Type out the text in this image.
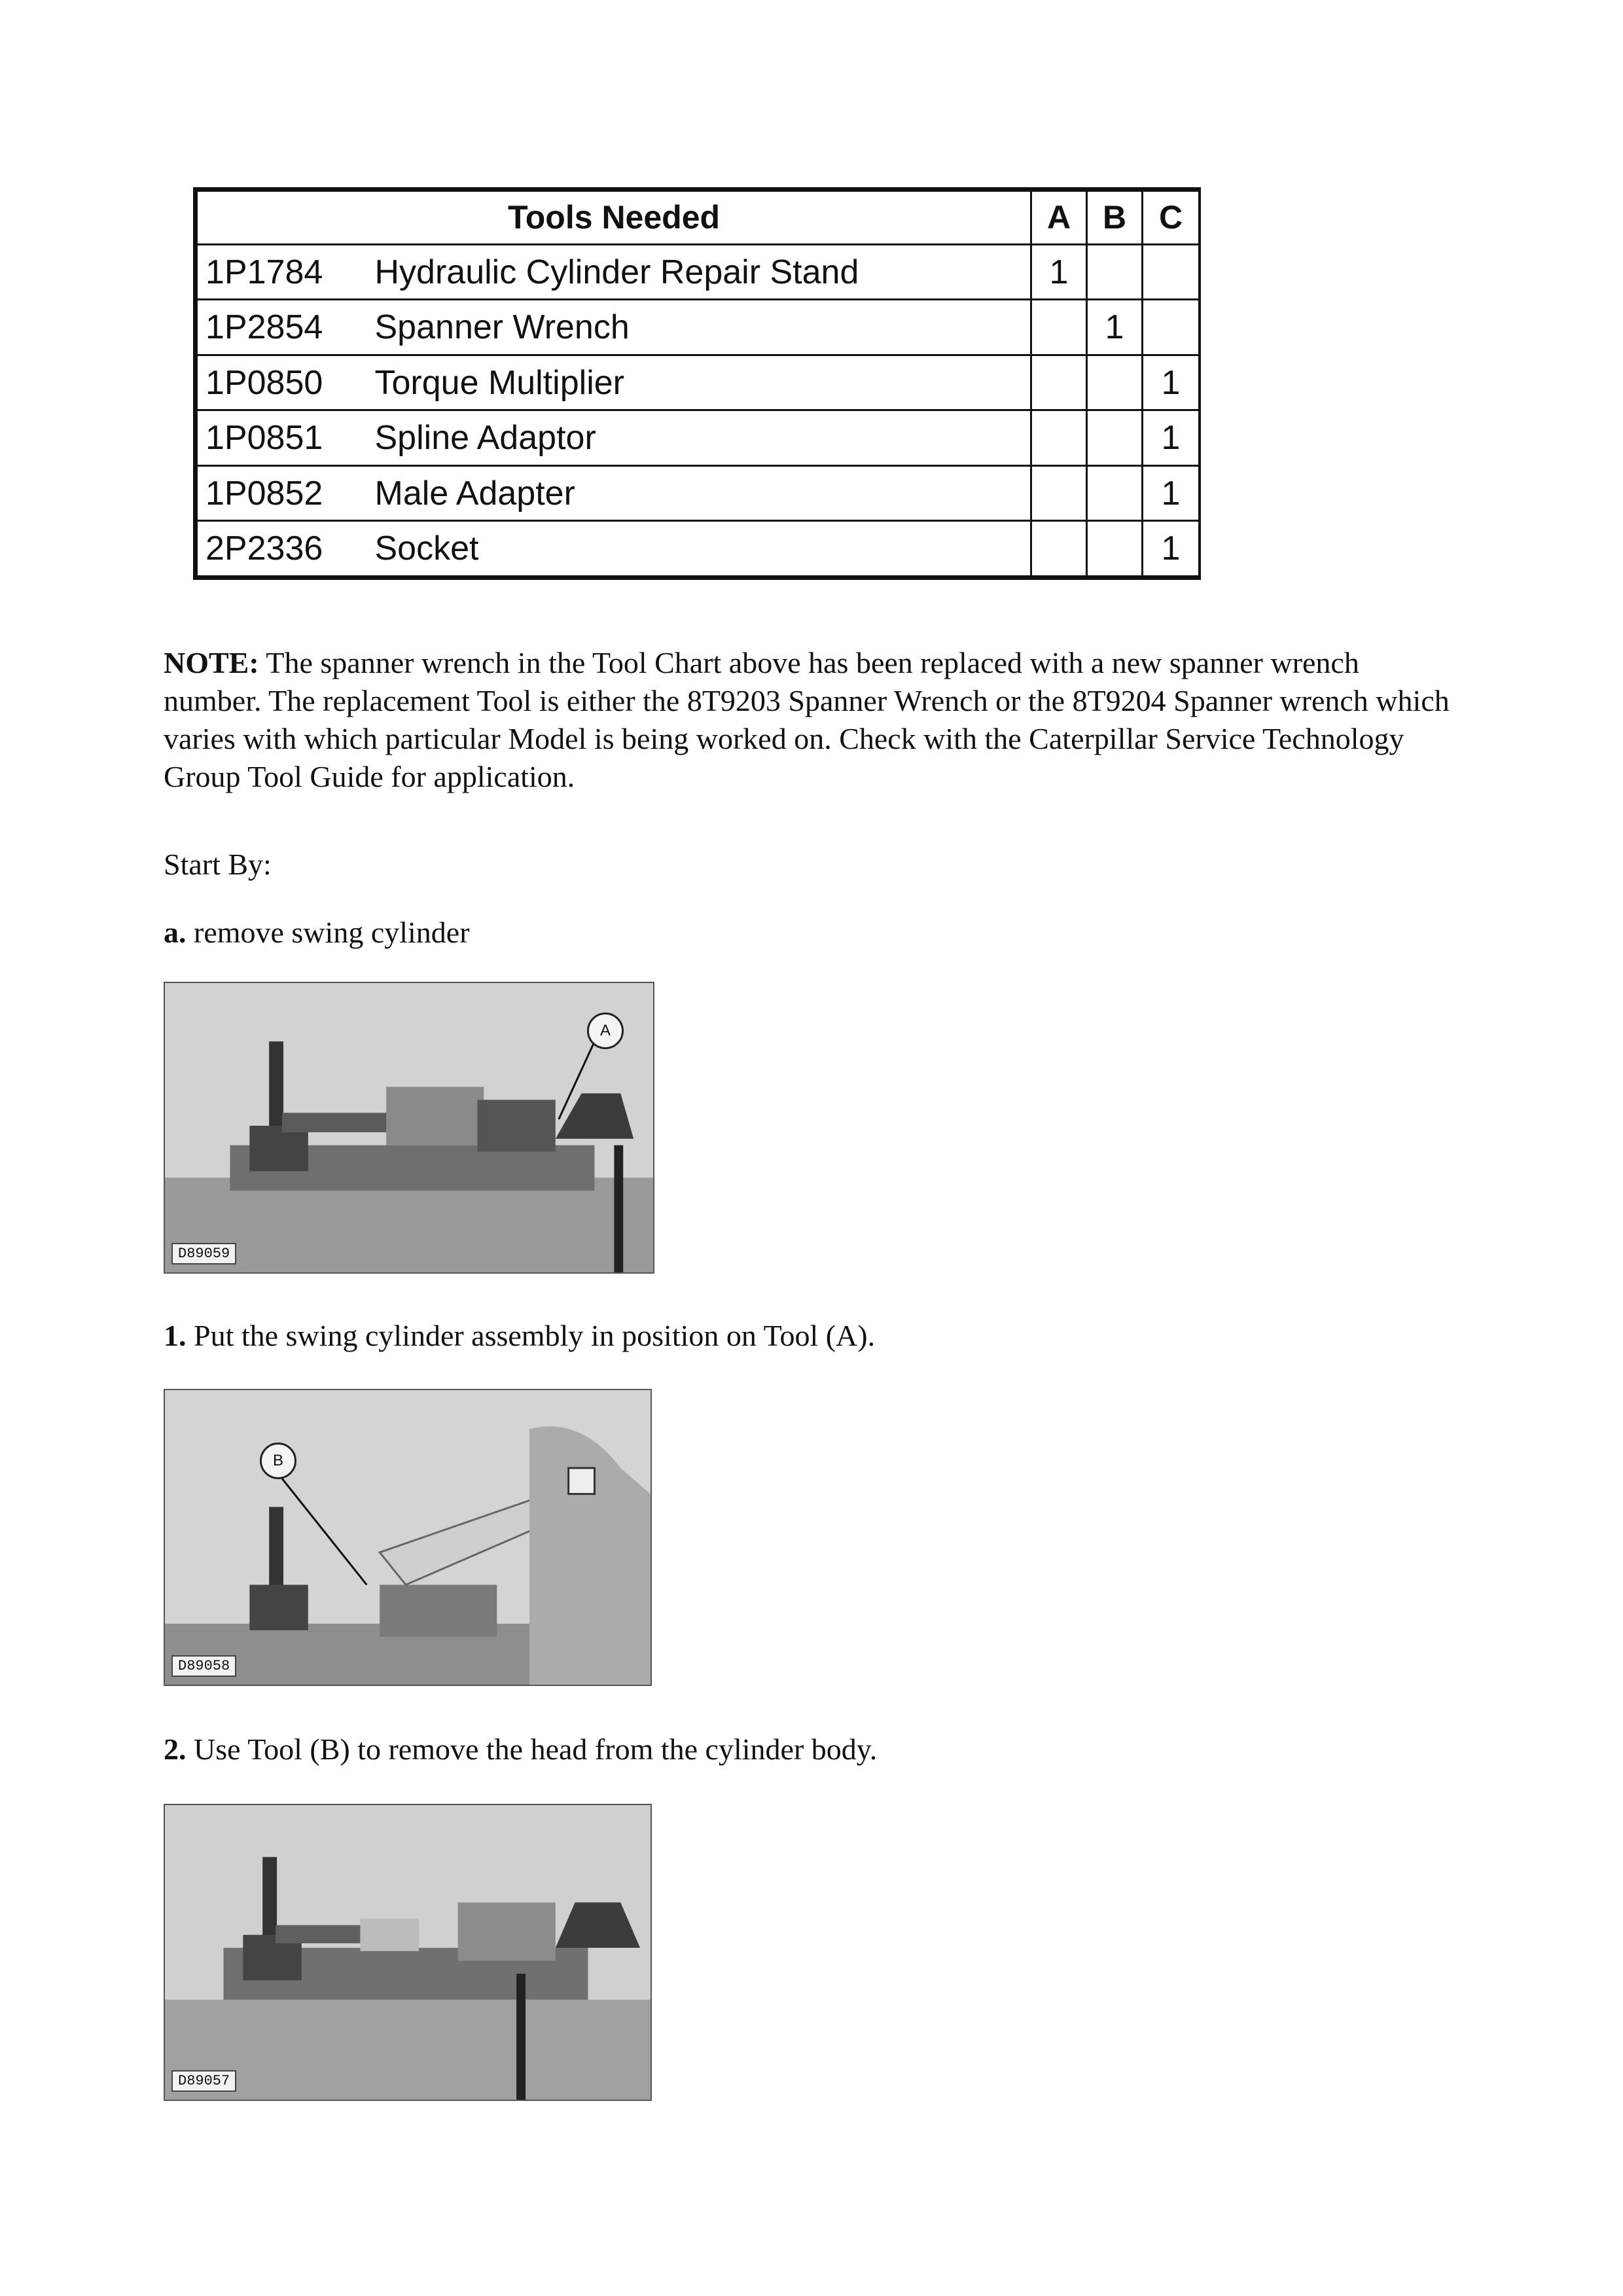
Tools Needed		A	B	C
1P1784	Hydraulic Cylinder Repair Stand	1		
1P2854	Spanner Wrench		1	
1P0850	Torque Multiplier			1
1P0851	Spline Adaptor			1
1P0852	Male Adapter			1
2P2336	Socket			1

NOTE: The spanner wrench in the Tool Chart above has been replaced with a new spanner wrench number. The replacement Tool is either the 8T9203 Spanner Wrench or the 8T9204 Spanner wrench which varies with which particular Model is being worked on. Check with the Caterpillar Service Technology Group Tool Guide for application.

Start By:

a. remove swing cylinder

A
D89059

1. Put the swing cylinder assembly in position on Tool (A).

B
D89058

2. Use Tool (B) to remove the head from the cylinder body.

D89057
